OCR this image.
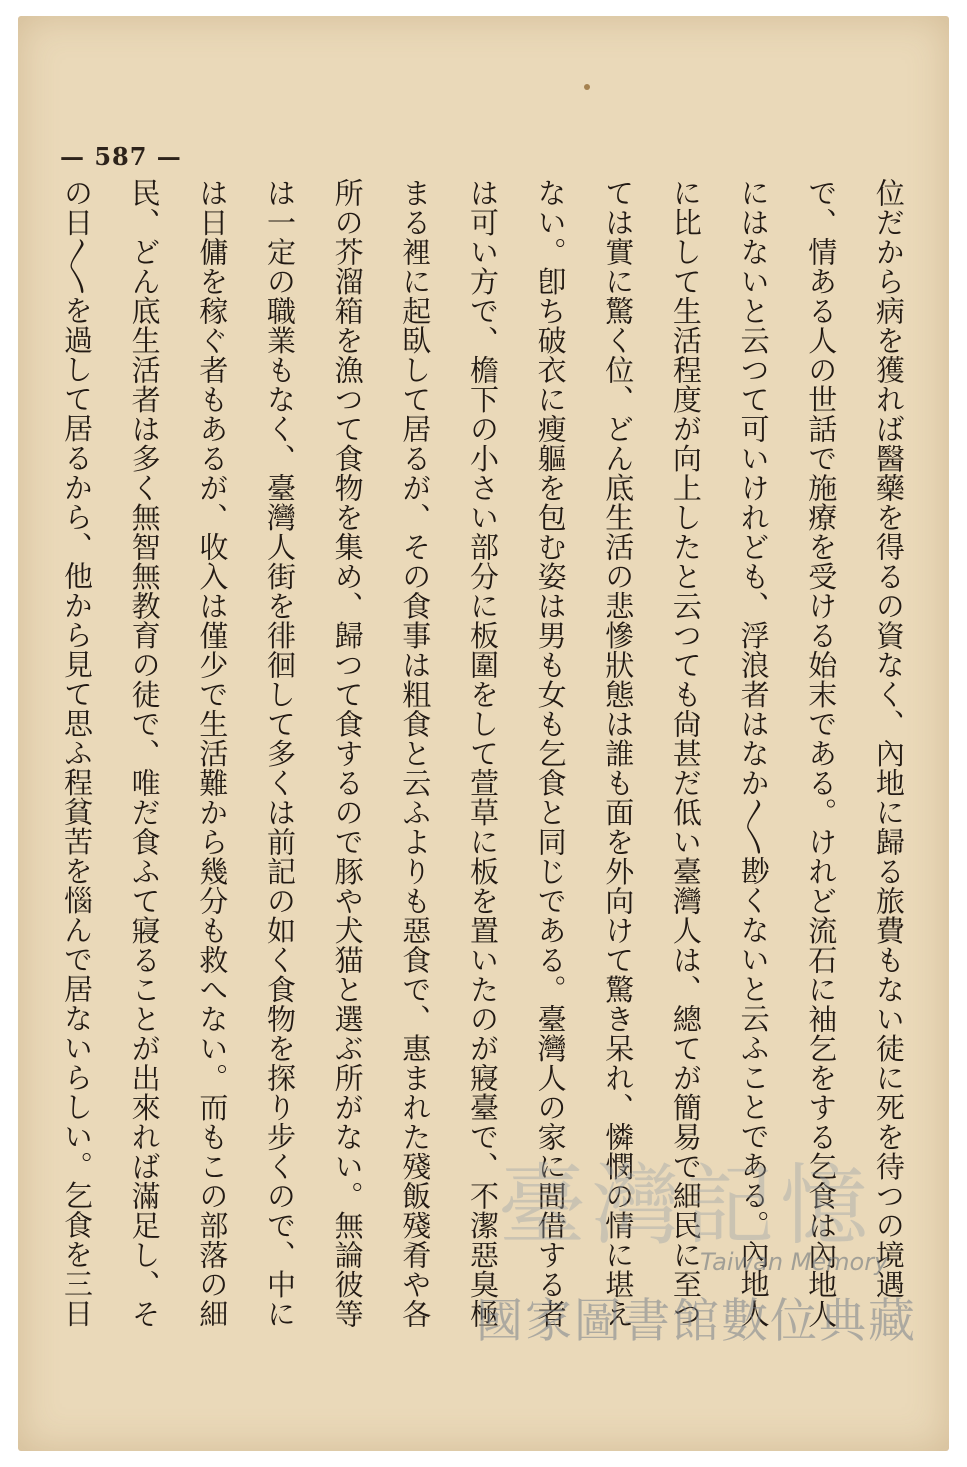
— 587 —
位だから病を獲れば醫藥を得るの資なく、內地に歸る旅費もない徒に死を待つの境遇
で、情ある人の世話で施療を受ける始末である。けれど流石に袖乞をする乞食は內地人
にはないと云つて可いけれども、浮浪者はなか〳〵尠くないと云ふことである。內地人
に比して生活程度が向上したと云つても尙甚だ低い臺灣人は、總てが簡易で細民に至つ
ては實に驚く位、どん底生活の悲慘狀態は誰も面を外向けて驚き呆れ、憐憫の情に堪え
ない。卽ち破衣に瘦軀を包む姿は男も女も乞食と同じである。臺灣人の家に間借する者
は可い方で、檐下の小さい部分に板圍をして萱草に板を置いたのが寢臺で、不潔惡臭極
まる裡に起臥して居るが、その食事は粗食と云ふよりも惡食で、惠まれた殘飯殘肴や各
所の芥溜箱を漁つて食物を集め、歸つて食するので豚や犬猫と選ぶ所がない。無論彼等
は一定の職業もなく、臺灣人街を徘徊して多くは前記の如く食物を探り步くので、中に
は日傭を稼ぐ者もあるが、收入は僅少で生活難から幾分も救へない。而もこの部落の細
民、どん底生活者は多く無智無教育の徒で、唯だ食ふて寢ることが出來れば滿足し、そ
の日〳〵を過して居るから、他から見て思ふ程貧苦を惱んで居ないらしい。乞食を三日	臺灣記憶
Taiwan Memory
國家圖書館數位典藏
